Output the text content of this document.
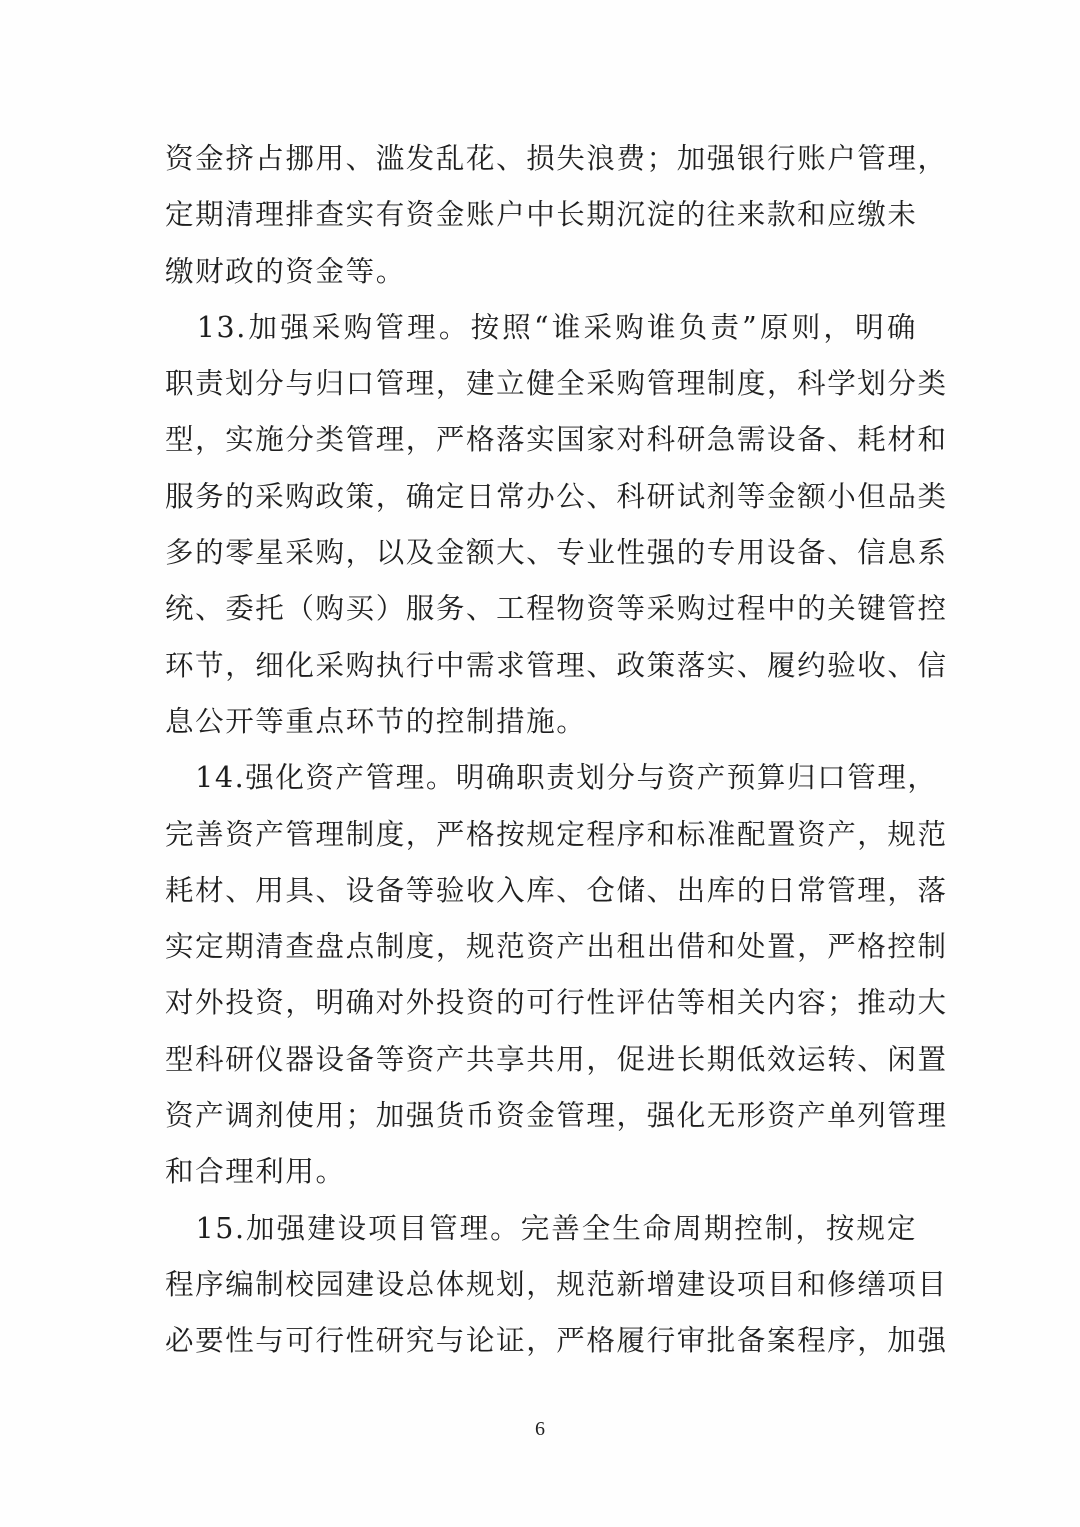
资金挤占挪用、滥发乱花、损失浪费；加强银行账户管理，
定期清理排查实有资金账户中长期沉淀的往来款和应缴未
缴财政的资金等。
　13.加强采购管理。按照“谁采购谁负责”原则，明确
职责划分与归口管理，建立健全采购管理制度，科学划分类
型，实施分类管理，严格落实国家对科研急需设备、耗材和
服务的采购政策，确定日常办公、科研试剂等金额小但品类
多的零星采购，以及金额大、专业性强的专用设备、信息系
统、委托（购买）服务、工程物资等采购过程中的关键管控
环节，细化采购执行中需求管理、政策落实、履约验收、信
息公开等重点环节的控制措施。
　14.强化资产管理。明确职责划分与资产预算归口管理，
完善资产管理制度，严格按规定程序和标准配置资产，规范
耗材、用具、设备等验收入库、仓储、出库的日常管理，落
实定期清查盘点制度，规范资产出租出借和处置，严格控制
对外投资，明确对外投资的可行性评估等相关内容；推动大
型科研仪器设备等资产共享共用，促进长期低效运转、闲置
资产调剂使用；加强货币资金管理，强化无形资产单列管理
和合理利用。
　15.加强建设项目管理。完善全生命周期控制，按规定
程序编制校园建设总体规划，规范新增建设项目和修缮项目
必要性与可行性研究与论证，严格履行审批备案程序，加强
6
